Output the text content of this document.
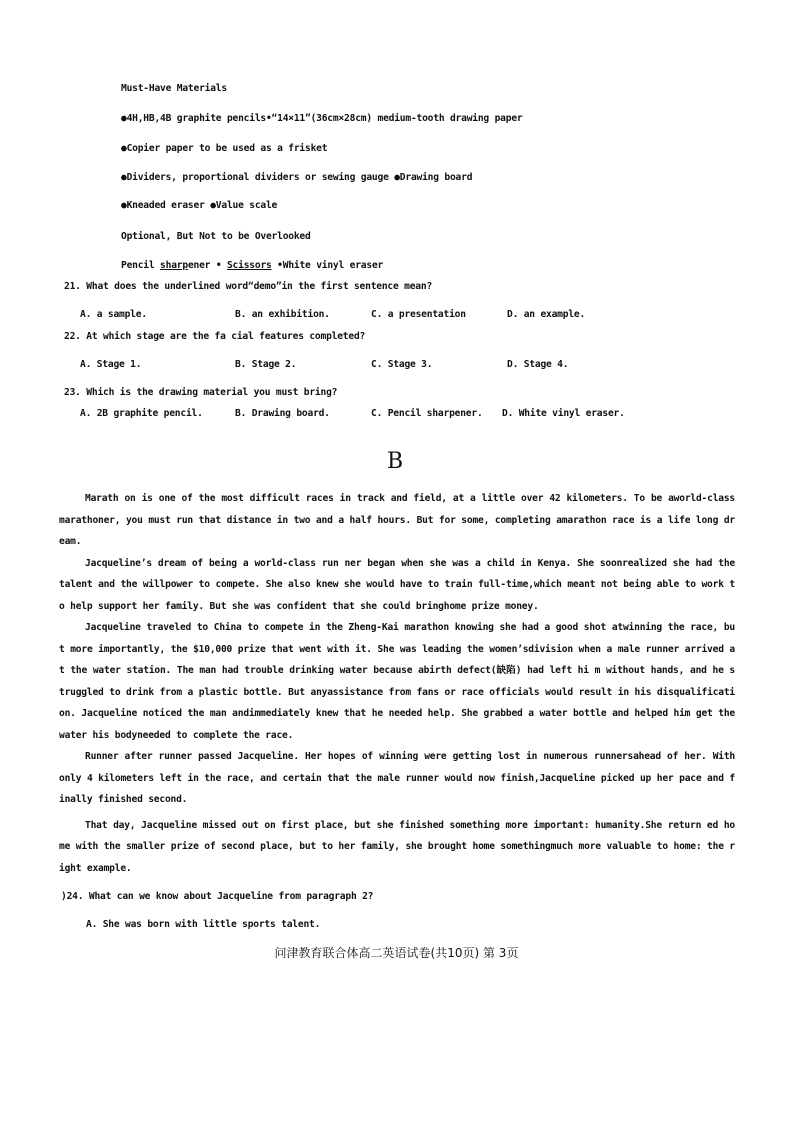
Must-Have Materials
●4H,HB,4B graphite pencils•“14×11”(36cm×28cm) medium-tooth drawing paper
●Copier paper to be used as a frisket
●Dividers, proportional dividers or sewing gauge ●Drawing board
●Kneaded eraser ●Value scale
Optional, But Not to be Overlooked
Pencil sharpener • Scissors •White vinyl eraser
21. What does the underlined word“demo”in the first sentence mean?
A. a sample.	B. an exhibition.	C. a presentation	D. an example.
22. At which stage are the fa cial features completed?
A. Stage 1.	B. Stage 2.	C. Stage 3.	D. Stage 4.
23. Which is the drawing material you must bring?
A. 2B graphite pencil.	B. Drawing board.	C. Pencil sharpener. D. White vinyl eraser.
B

Marath on is one of the most difficult races in track and field, at a little over 42 kilometers. To be aworld-class marathoner, you must run that distance in two and a half hours. But for some, completing amarathon race is a life long dream.

Jacqueline’s dream of being a world-class run ner began when she was a child in Kenya. She soonrealized she had the talent and the willpower to compete. She also knew she would have to train full-time,which meant not being able to work to help support her family. But she was confident that she could bringhome prize money.

Jacqueline traveled to China to compete in the Zheng-Kai marathon knowing she had a good shot atwinning the race, but more importantly, the $10,000 prize that went with it. She was leading the women’sdivision when a male runner arrived at the water station. The man had trouble drinking water because abirth defect(缺陷) had left hi m without hands, and he struggled to drink from a plastic bottle. But anyassistance from fans or race officials would result in his disqualification. Jacqueline noticed the man andimmediately knew that he needed help. She grabbed a water bottle and helped him get the water his bodyneeded to complete the race.

Runner after runner passed Jacqueline. Her hopes of winning were getting lost in numerous runnersahead of her. With only 4 kilometers left in the race, and certain that the male runner would now finish,Jacqueline picked up her pace and finally finished second.

That day, Jacqueline missed out on first place, but she finished something more important: humanity.She return ed home with the smaller prize of second place, but to her family, she brought home somethingmuch more valuable to home: the right example.

)24. What can we know about Jacqueline from paragraph 2?
A. She was born with little sports talent.
问津教育联合体高二英语试卷(共10页) 第 3页
